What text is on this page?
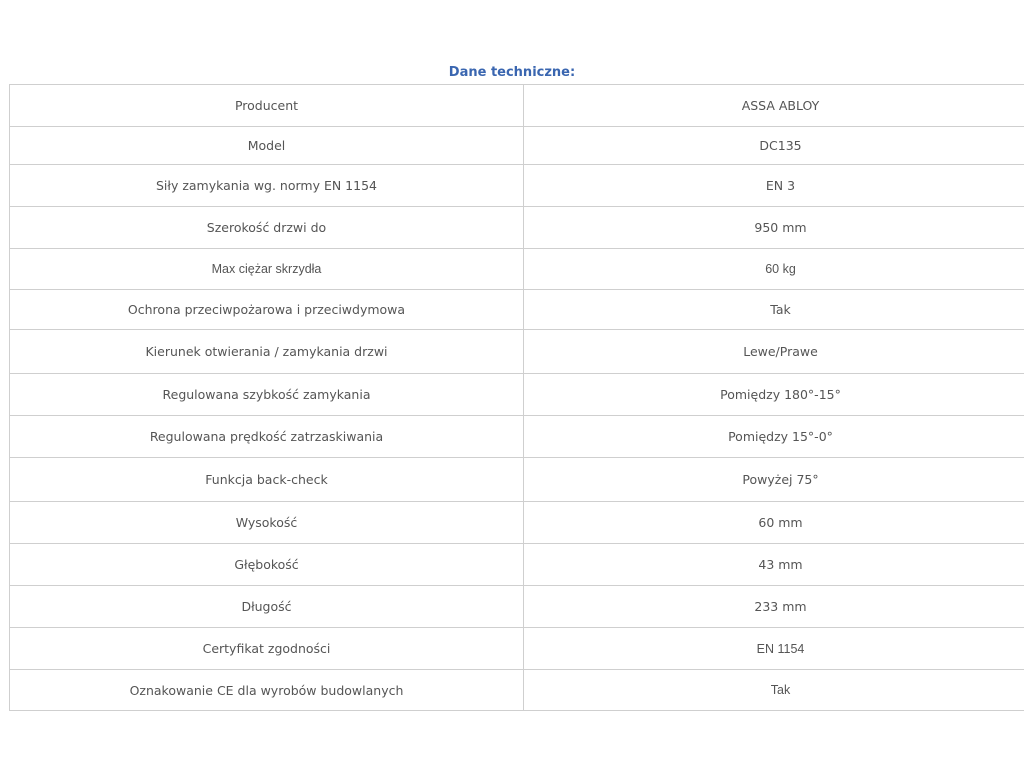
Dane techniczne:
Producent	ASSA ABLOY
Model	DC135
Siły zamykania wg. normy EN 1154	EN 3
Szerokość drzwi do	950 mm
Max ciężar skrzydła	60 kg
Ochrona przeciwpożarowa i przeciwdymowa	Tak
Kierunek otwierania / zamykania drzwi	Lewe/Prawe
Regulowana szybkość zamykania	Pomiędzy 180°-15°
Regulowana prędkość zatrzaskiwania	Pomiędzy 15°-0°
Funkcja back-check	Powyżej 75°
Wysokość	60 mm
Głębokość	43 mm
Długość	233 mm
Certyfikat zgodności	EN 1154
Oznakowanie CE dla wyrobów budowlanych	Tak
